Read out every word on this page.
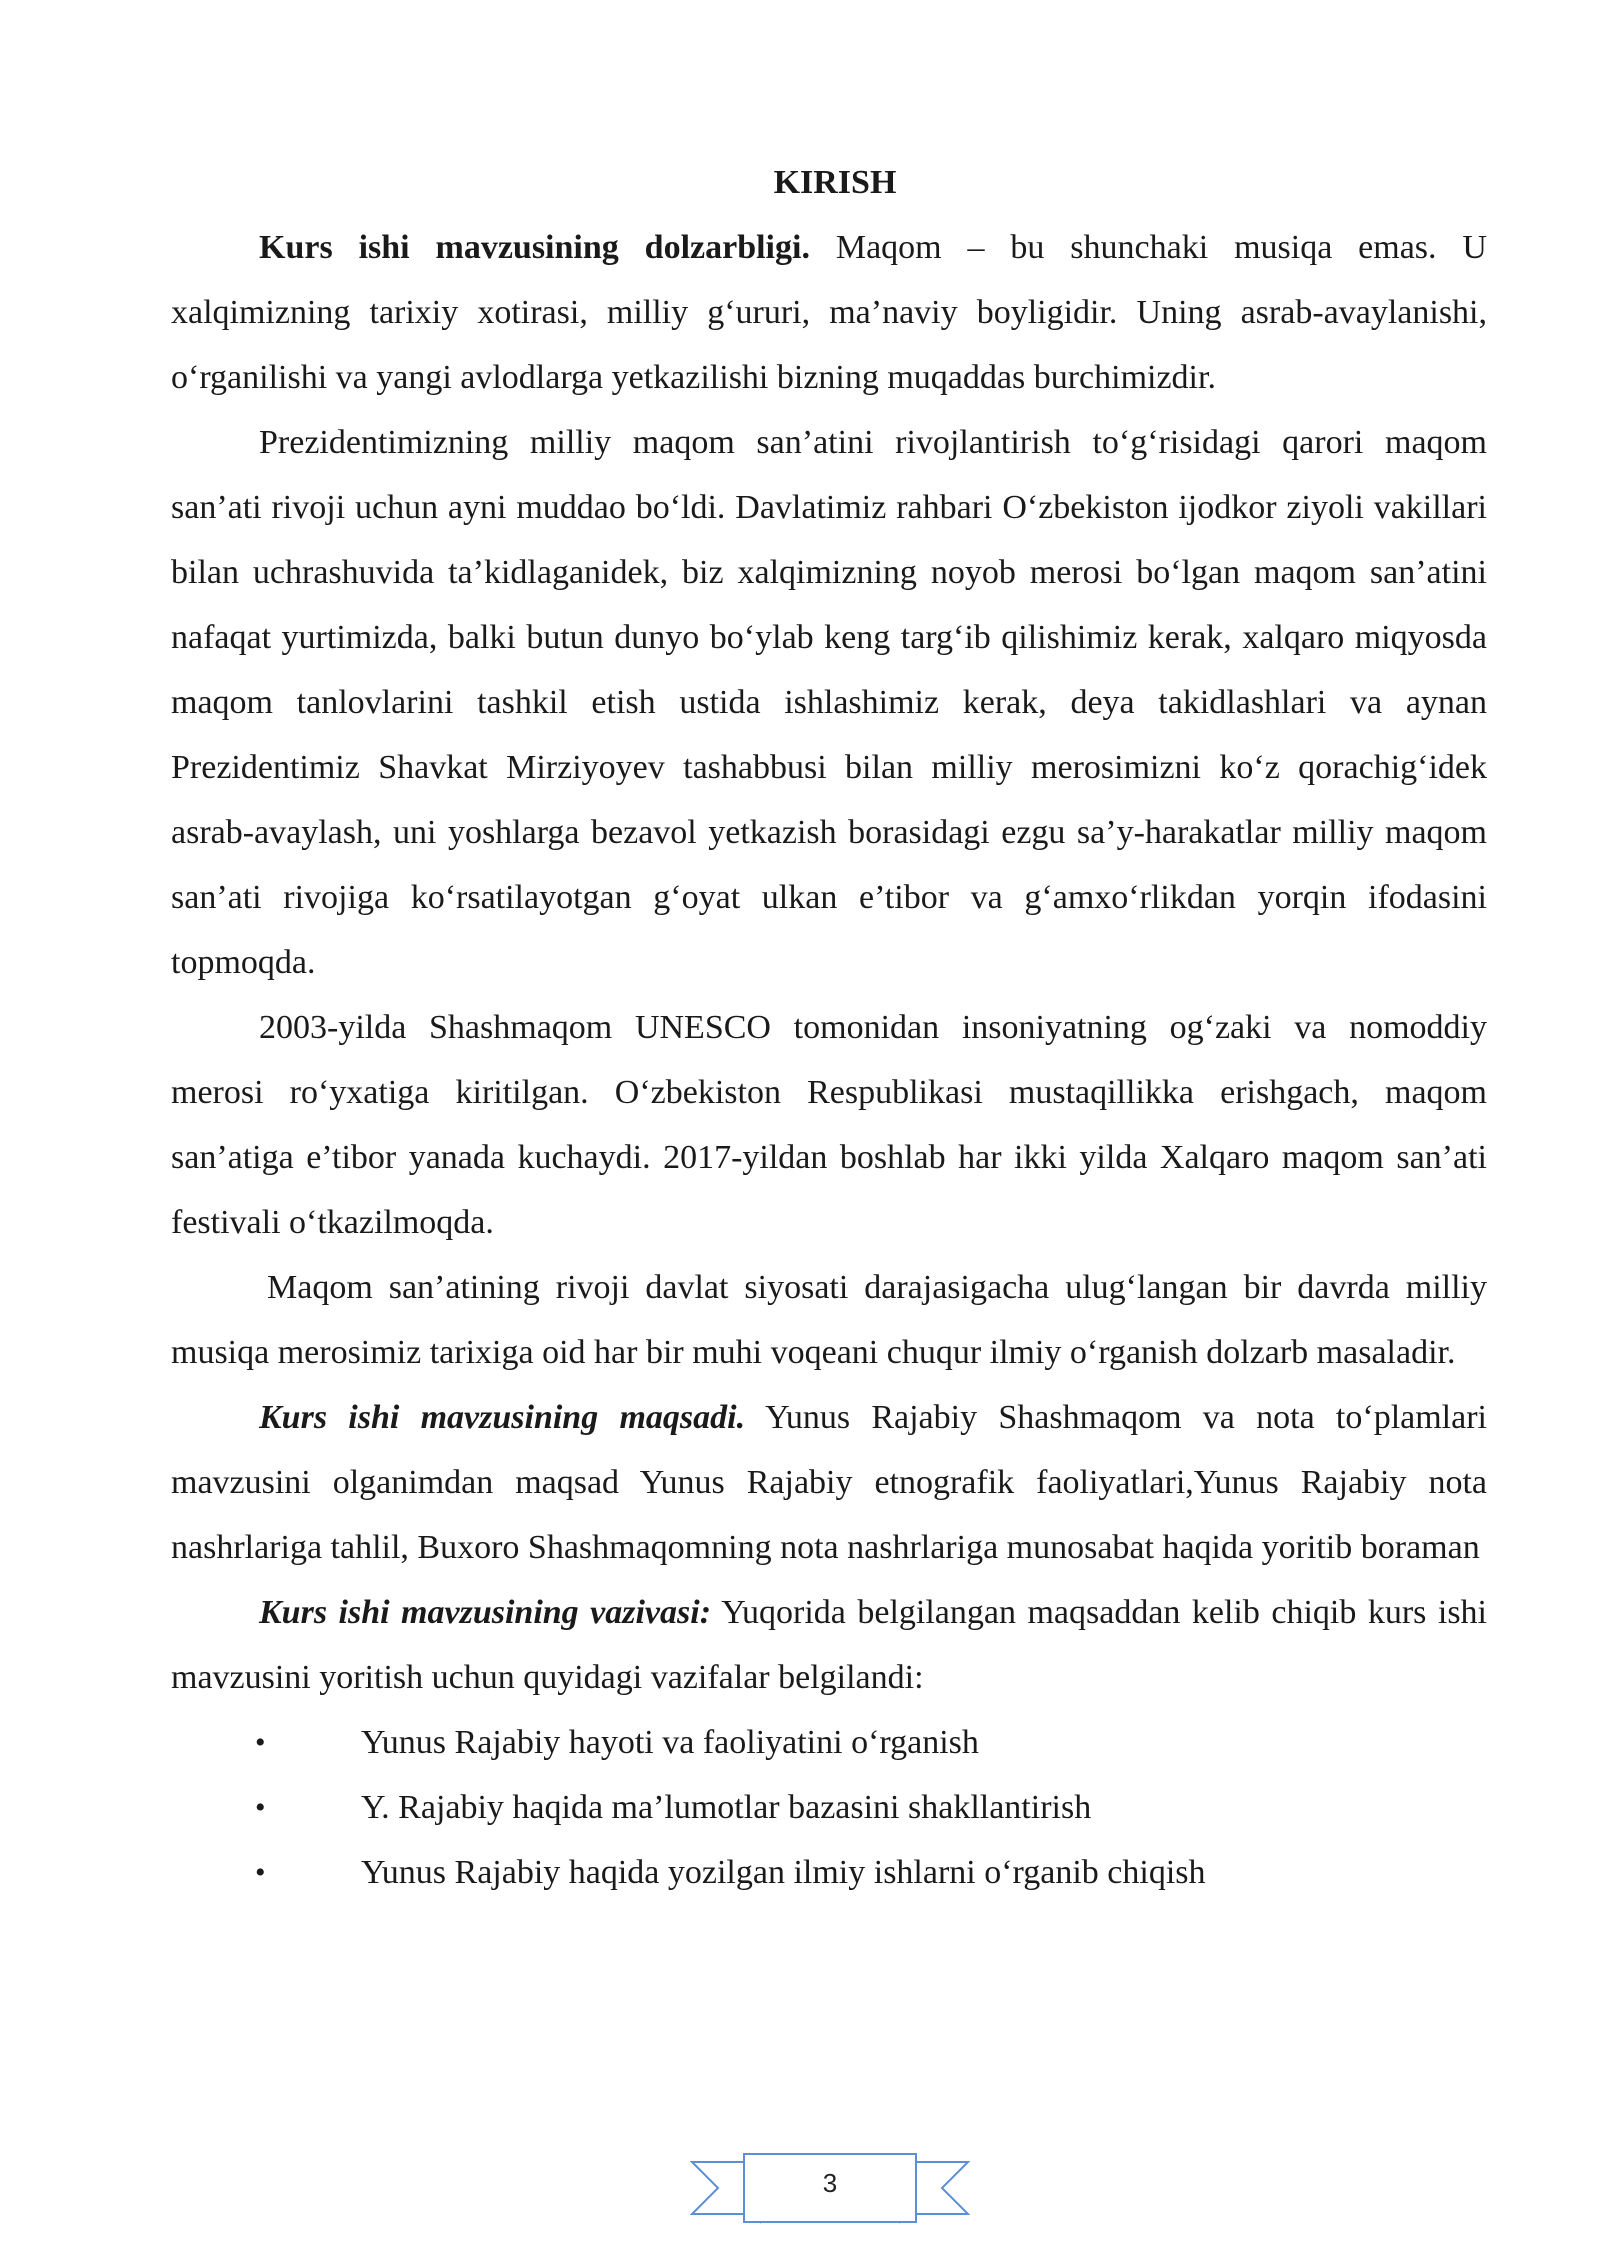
KIRISH

Kurs ishi mavzusining dolzarbligi. Maqom – bu shunchaki musiqa emas. U xalqimizning tarixiy xotirasi, milliy g‘ururi, ma’naviy boyligidir. Uning asrab-avaylanishi, o‘rganilishi va yangi avlodlarga yetkazilishi bizning muqaddas burchimizdir.

Prezidentimizning milliy maqom san’atini rivojlantirish to‘g‘risidagi qarori maqom san’ati rivoji uchun ayni muddao bo‘ldi. Davlatimiz rahbari O‘zbekiston ijodkor ziyoli vakillari bilan uchrashuvida ta’kidlaganidek, biz xalqimizning noyob merosi bo‘lgan maqom san’atini nafaqat yurtimizda, balki butun dunyo bo‘ylab keng targ‘ib qilishimiz kerak, xalqaro miqyosda maqom tanlovlarini tashkil etish ustida ishlashimiz kerak, deya takidlashlari va aynan Prezidentimiz Shavkat Mirziyoyev tashabbusi bilan milliy merosimizni ko‘z qorachig‘idek asrab-avaylash, uni yoshlarga bezavol yetkazish borasidagi ezgu sa’y-harakatlar milliy maqom san’ati rivojiga ko‘rsatilayotgan g‘oyat ulkan e’tibor va g‘amxo‘rlikdan yorqin ifodasini topmoqda.

2003-yilda Shashmaqom UNESCO tomonidan insoniyatning og‘zaki va nomoddiy merosi ro‘yxatiga kiritilgan. O‘zbekiston Respublikasi mustaqillikka erishgach, maqom san’atiga e’tibor yanada kuchaydi. 2017-yildan boshlab har ikki yilda Xalqaro maqom san’ati festivali o‘tkazilmoqda.

Maqom san’atining rivoji davlat siyosati darajasigacha ulug‘langan bir davrda milliy musiqa merosimiz tarixiga oid har bir muhi voqeani chuqur ilmiy o‘rganish dolzarb masaladir.

Kurs ishi mavzusining maqsadi. Yunus Rajabiy Shashmaqom va nota to‘plamlari mavzusini olganimdan maqsad Yunus Rajabiy etnografik faoliyatlari,Yunus Rajabiy nota nashrlariga tahlil, Buxoro Shashmaqomning nota nashrlariga munosabat haqida yoritib boraman

Kurs ishi mavzusining vazivasi: Yuqorida belgilangan maqsaddan kelib chiqib kurs ishi mavzusini yoritish uchun quyidagi vazifalar belgilandi:

•	Yunus Rajabiy hayoti va faoliyatini o‘rganish
•	Y. Rajabiy haqida ma’lumotlar bazasini shakllantirish
•	Yunus Rajabiy haqida yozilgan ilmiy ishlarni o‘rganib chiqish
3
